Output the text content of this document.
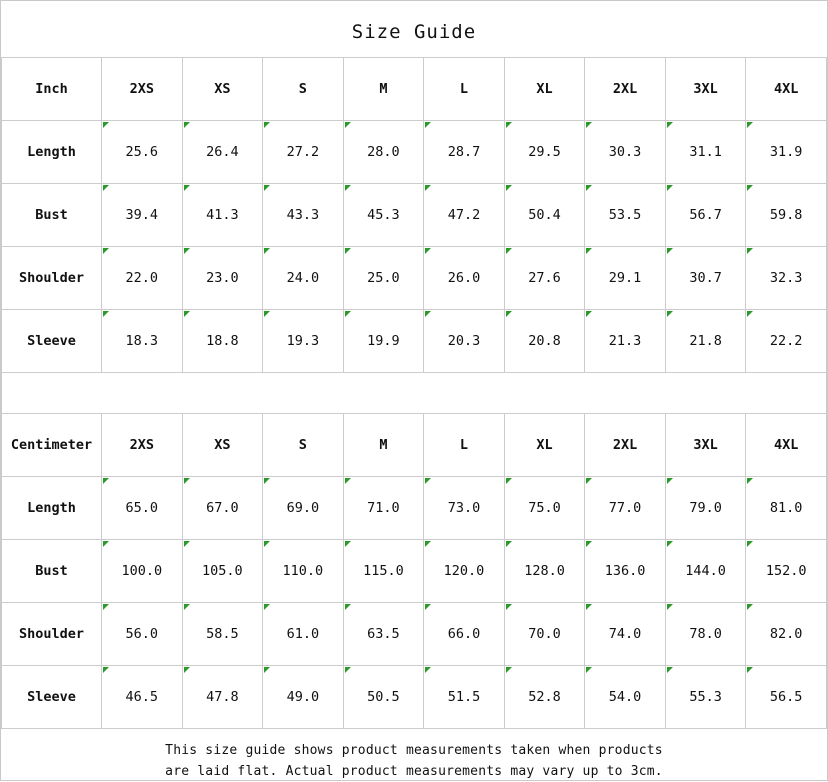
Size Guide
Inch	2XS	XS	S	M	L	XL	2XL	3XL	4XL
Length	25.6	26.4	27.2	28.0	28.7	29.5	30.3	31.1	31.9
Bust	39.4	41.3	43.3	45.3	47.2	50.4	53.5	56.7	59.8
Shoulder	22.0	23.0	24.0	25.0	26.0	27.6	29.1	30.7	32.3
Sleeve	18.3	18.8	19.3	19.9	20.3	20.8	21.3	21.8	22.2
Centimeter	2XS	XS	S	M	L	XL	2XL	3XL	4XL
Length	65.0	67.0	69.0	71.0	73.0	75.0	77.0	79.0	81.0
Bust	100.0	105.0	110.0	115.0	120.0	128.0	136.0	144.0	152.0
Shoulder	56.0	58.5	61.0	63.5	66.0	70.0	74.0	78.0	82.0
Sleeve	46.5	47.8	49.0	50.5	51.5	52.8	54.0	55.3	56.5
This size guide shows product measurements taken when products
are laid flat. Actual product measurements may vary up to 3cm.
